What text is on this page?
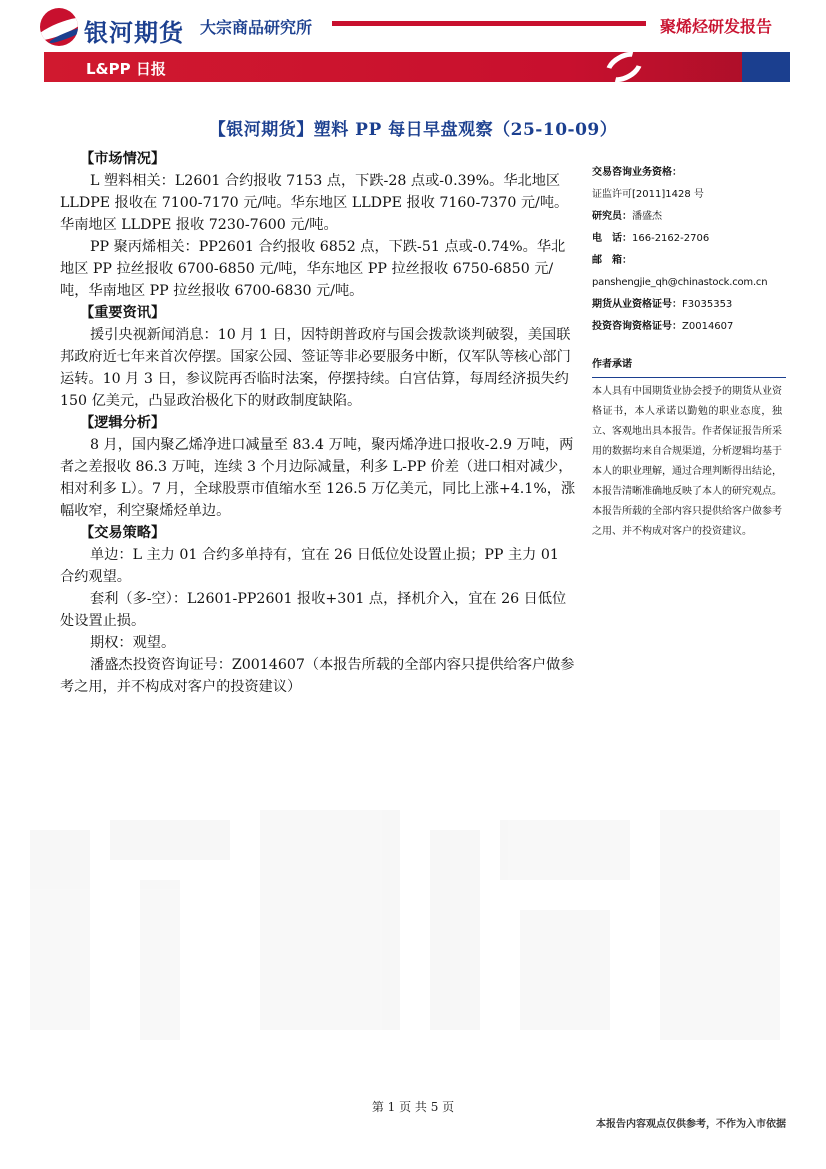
银河期货 大宗商品研究所	聚烯烃研发报告
L&PP 日报
【银河期货】塑料 PP 每日早盘观察（25-10-09）
【市场情况】
L 塑料相关：L2601 合约报收 7153 点，下跌-28 点或-0.39%。华北地区 LLDPE 报收在 7100-7170 元/吨。华东地区 LLDPE 报收 7160-7370 元/吨。华南地区 LLDPE 报收 7230-7600 元/吨。
PP 聚丙烯相关：PP2601 合约报收 6852 点，下跌-51 点或-0.74%。华北地区 PP 拉丝报收 6700-6850 元/吨，华东地区 PP 拉丝报收 6750-6850 元/吨，华南地区 PP 拉丝报收 6700-6830 元/吨。
【重要资讯】
援引央视新闻消息：10 月 1 日，因特朗普政府与国会拨款谈判破裂，美国联邦政府近七年来首次停摆。国家公园、签证等非必要服务中断，仅军队等核心部门运转。10 月 3 日，参议院再否临时法案，停摆持续。白宫估算，每周经济损失约 150 亿美元，凸显政治极化下的财政制度缺陷。
【逻辑分析】
8 月，国内聚乙烯净进口减量至 83.4 万吨，聚丙烯净进口报收-2.9 万吨，两者之差报收 86.3 万吨，连续 3 个月边际减量，利多 L-PP 价差（进口相对减少，相对利多 L）。7 月，全球股票市值缩水至 126.5 万亿美元，同比上涨+4.1%，涨幅收窄，利空聚烯烃单边。
【交易策略】
单边：L 主力 01 合约多单持有，宜在 26 日低位处设置止损；PP 主力 01 合约观望。
套利（多-空）：L2601-PP2601 报收+301 点，择机介入，宜在 26 日低位处设置止损。
期权：观望。
潘盛杰投资咨询证号：Z0014607（本报告所载的全部内容只提供给客户做参考之用，并不构成对客户的投资建议）
交易咨询业务资格：
证监许可[2011]1428 号
研究员：潘盛杰
电　话：166-2162-2706
邮　箱：
panshengjie_qh@chinastock.com.cn
期货从业资格证号：F3035353
投资咨询资格证号：Z0014607
作者承诺
本人具有中国期货业协会授予的期货从业资格证书，本人承诺以勤勉的职业态度，独立、客观地出具本报告。作者保证报告所采用的数据均来自合规渠道，分析逻辑均基于本人的职业理解，通过合理判断得出结论，本报告清晰准确地反映了本人的研究观点。本报告所载的全部内容只提供给客户做参考之用、并不构成对客户的投资建议。
第 1 页 共 5 页
本报告内容观点仅供参考，不作为入市依据
